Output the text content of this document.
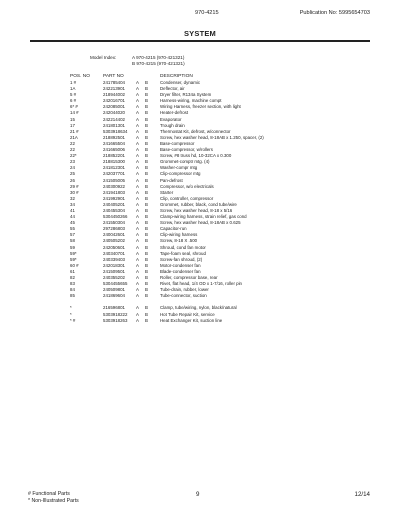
970-4215	Publication No: 5995654703
SYSTEM
Model Index:	A 970-4215 (970-421321)
B 970-4215 (970-421321)
POS. NO	PART NO	DESCRIPTION
1 #	241785404	A	B	Condenser, dynamic
1A	242213901	A	B	Deflector, air
5 #	218944002	A	B	Dryer filter, R134a System
6 #	242016701	A	B	Harness-wiring, machine compt
6* #	242085001	A	B	Wiring Harness, freezer section, with light
14 #	242044020	A	B	Heater-defrost
15	242214402	A	B	Evaporator
17	241801301	A	B	Trough drain
21 #	5303918634	A	B	Thermostat Kit, defrost, w/connector
21A	218892501	A	B	Screw, hex washer head, 8-18AB x 1.250, spacer, (2)
22	241665504	A	B	Base-compressor
22	241665006	A	B	Base-compressor, w/rollers
22*	218852201	A	B	Screw, #8 truss hd, 10-32CA x 0.300
23	218815300	A	B	Grommet-comptr mtg. (4)
24	241812301	A	B	Washer-compr mtg
25	242037701	A	B	Clip-compressor mtg
26	241505005	A	B	Pan-defrost
29 #	240300922	A	B	Compressor, w/o electricals
30 #	241941803	A	B	Starter
32	241992901	A	B	Clip, controller, compressor
34	240405201	A	B	Grommet, rubber, black, cond tube/wire
41	240455304	A	B	Screw, hex washer head, 8-18 x 5/16
44	5304450266	A	B	Clamp-wiring harness, strain relief, gas cond
45	241550304	A	B	Screw, hex washer head, 8-18AB x 0.625
55	297286803	A	B	Capacitor-run
57	240042601	A	B	Clip-wiring harness
58	240505202	A	B	Screw, 8-18 X .500
59	242050601	A	B	Shroud, cond fan motor
59*	240340701	A	B	Tape-foam seal, shroud
59*	240339403	A	B	Screw-fan shroud, (2)
60 #	242018301	A	B	Motor-condenser fan
61	241509501	A	B	Blade-condenser fan
82	240355202	A	B	Roller, compressor base, rear
83	5304455655	A	B	Rivet, flat head, 1/4 OD x 1-7/16, roller pin
84	240509801	A	B	Tube-drain, rubber, lower
85	241869604	A	B	Tube-connector, suction
*	216596801	A	B	Clamp, tube/wiring, nylon, black/natural
*	5303918222	A	B	Hot Tube Repair Kit, service
* #	5303918263	A	B	Heat Exchanger Kit, suction line
# Functional Parts
* Non-Illustrated Parts
9	12/14
